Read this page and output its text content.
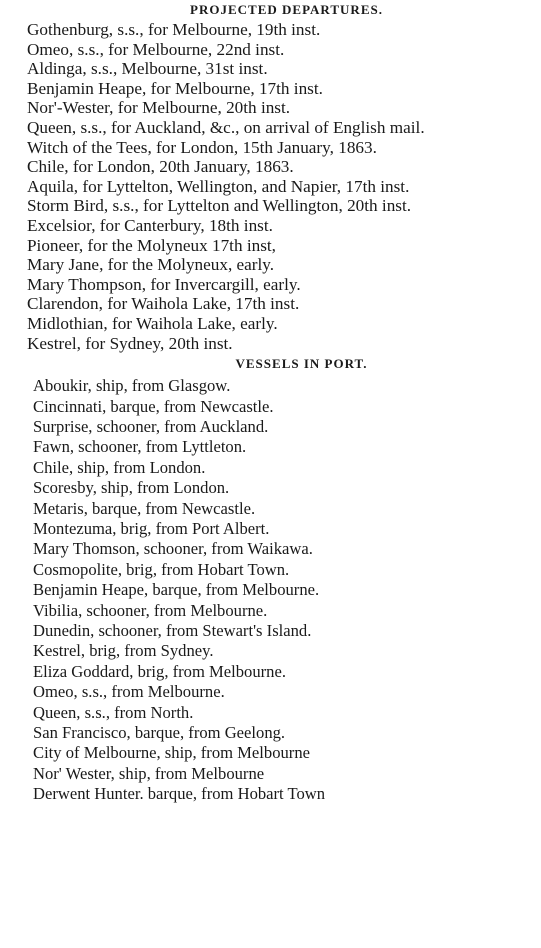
PROJECTED DEPARTURES.
Gothenburg, s.s., for Melbourne, 19th inst.
Omeo, s.s., for Melbourne, 22nd inst.
Aldinga, s.s., Melbourne, 31st inst.
Benjamin Heape, for Melbourne, 17th inst.
Nor'-Wester, for Melbourne, 20th inst.
Queen, s.s., for Auckland, &c., on arrival of English mail.
Witch of the Tees, for London, 15th January, 1863.
Chile, for London, 20th January, 1863.
Aquila, for Lyttelton, Wellington, and Napier, 17th inst.
Storm Bird, s.s., for Lyttelton and Wellington, 20th inst.
Excelsior, for Canterbury, 18th inst.
Pioneer, for the Molyneux 17th inst,
Mary Jane, for the Molyneux, early.
Mary Thompson, for Invercargill, early.
Clarendon, for Waihola Lake, 17th inst.
Midlothian, for Waihola Lake, early.
Kestrel, for Sydney, 20th inst.
VESSELS IN PORT.
Aboukir, ship, from Glasgow.
Cincinnati, barque, from Newcastle.
Surprise, schooner, from Auckland.
Fawn, schooner, from Lyttleton.
Chile, ship, from London.
Scoresby, ship, from London.
Metaris, barque, from Newcastle.
Montezuma, brig, from Port Albert.
Mary Thomson, schooner, from Waikawa.
Cosmopolite, brig, from Hobart Town.
Benjamin Heape, barque, from Melbourne.
Vibilia, schooner, from Melbourne.
Dunedin, schooner, from Stewart's Island.
Kestrel, brig, from Sydney.
Eliza Goddard, brig, from Melbourne.
Omeo, s.s., from Melbourne.
Queen, s.s., from North.
San Francisco, barque, from Geelong.
City of Melbourne, ship, from Melbourne
Nor' Wester, ship, from Melbourne
Derwent Hunter. barque, from Hobart Town
